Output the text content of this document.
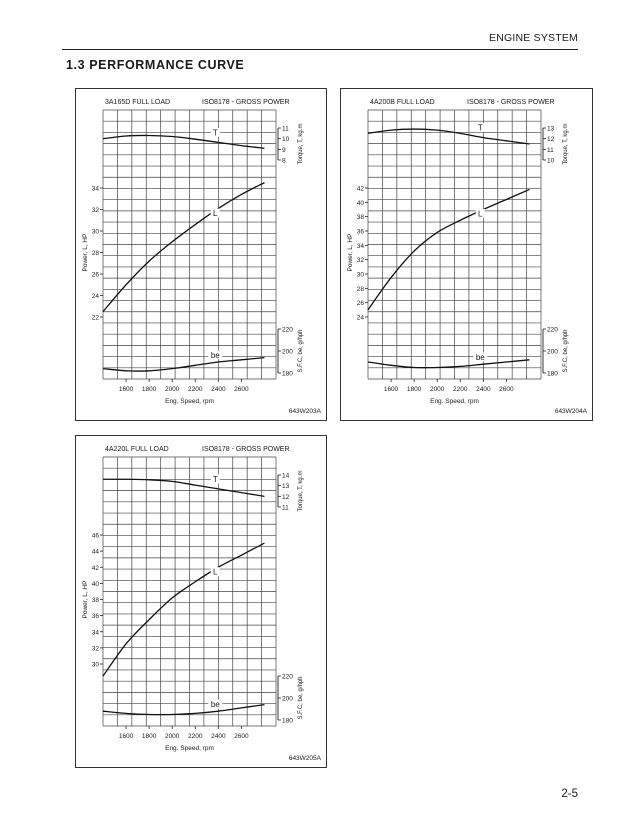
ENGINE SYSTEM
1.3 PERFORMANCE CURVE
3A165D FULL LOAD	ISO8178 - GROSS POWER
22
24
26
28
30
32
34
Power, L, HP
8
9
10
11 Torque, T, kg.m
180
200
220 S.F.C, be, g/hph
1600 1800 2000 2200 2400 2600
Eng. Speed, rpm
643W203A
T
L
be
4A200B FULL LOAD	ISO8178 - GROSS POWER
24
26
28
30
32
34
36
38
40
42
Power, L, HP
10
11
12
13 Torque, T, kg.m
180
200
220 S.F.C, be, g/hph
1600 1800 2000 2200 2400 2600
Eng. Speed, rpm
643W204A
T
L
be
4A220L FULL LOAD	ISO8178 - GROSS POWER
30
32
34
36
38
40
42
44
46
Power, L, HP
11
12
13
14 Torque, T, kg.m
180
200
220 S.F.C, be, g/hph
1600 1800 2000 2200 2400 2600
Eng. Speed, rpm
643W205A
T
L
be
2-5
